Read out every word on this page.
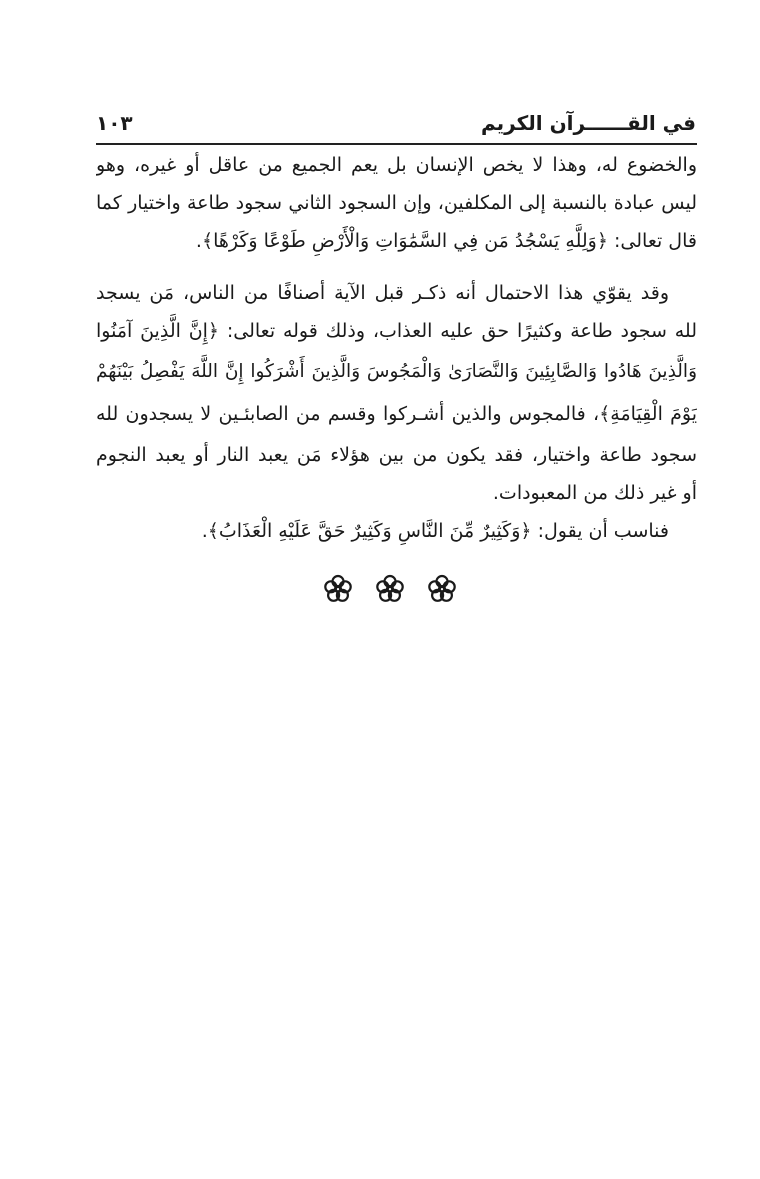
في القــــــرآن الكريم
١٠٣
والخضوع له، وهذا لا يخص الإنسان بل يعم الجميع من عاقل أو غيره، وهو
ليس عبادة بالنسبة إلى المكلفين، وإن السجود الثاني سجود طاعة واختيار كما
قال تعالى: ﴿وَلِلَّهِ يَسْجُدُ مَن فِي السَّمَٰوَاتِ وَالْأَرْضِ طَوْعًا وَكَرْهًا﴾.
وقد يقوّي هذا الاحتمال أنه ذكـر قبل الآية أصنافًا من الناس، مَن يسجد
لله سجود طاعة وكثيرًا حق عليه العذاب، وذلك قوله تعالى: ﴿إِنَّ الَّذِينَ آمَنُوا
وَالَّذِينَ هَادُوا وَالصَّابِئِينَ وَالنَّصَارَىٰ وَالْمَجُوسَ وَالَّذِينَ أَشْرَكُوا إِنَّ اللَّهَ يَفْصِلُ بَيْنَهُمْ
يَوْمَ الْقِيَامَةِ﴾، فالمجوس والذين أشـركوا وقسم من الصابئـين لا يسجدون لله
سجود طاعة واختيار، فقد يكون من بين هؤلاء مَن يعبد النار أو يعبد النجوم
أو غير ذلك من المعبودات.
فناسب أن يقول: ﴿وَكَثِيرٌ مِّنَ النَّاسِ وَكَثِيرٌ حَقَّ عَلَيْهِ الْعَذَابُ﴾.
